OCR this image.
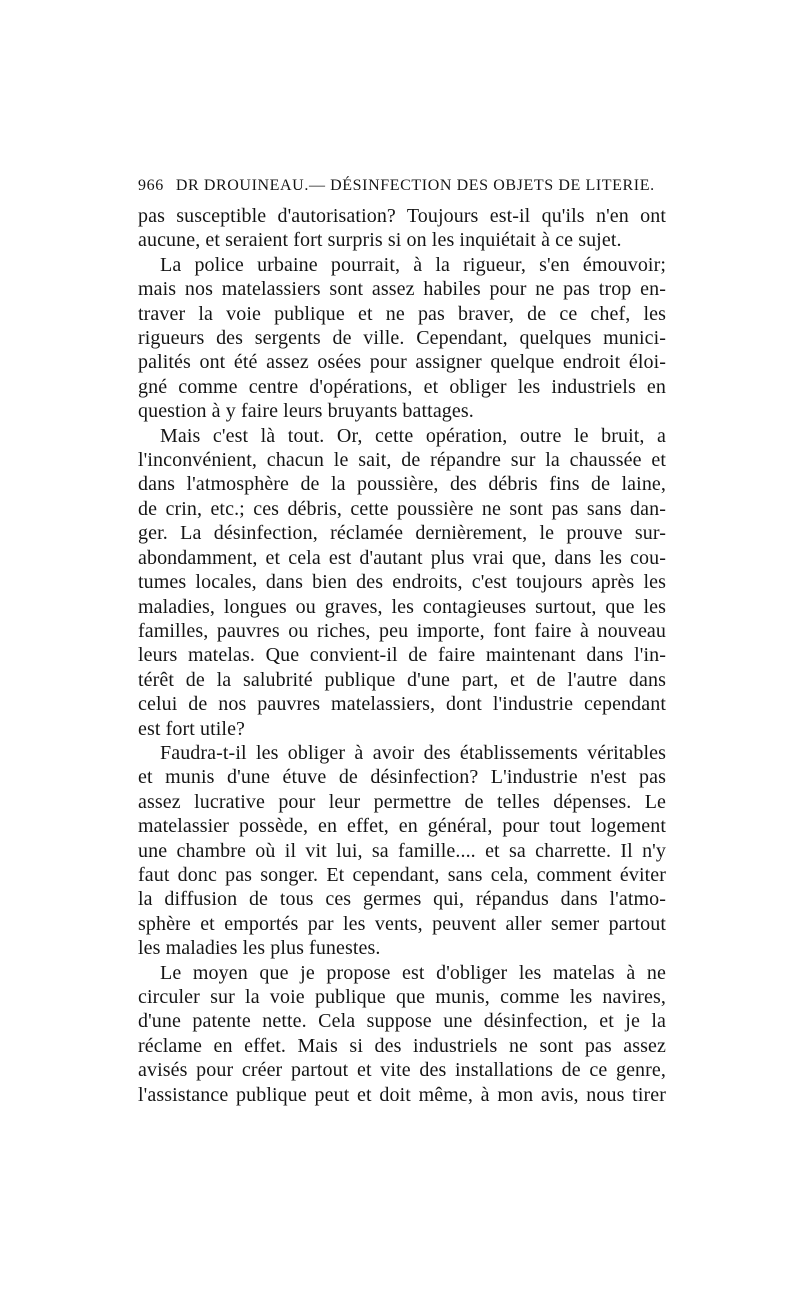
966 DR DROUINEAU.— DÉSINFECTION DES OBJETS DE LITERIE.
pas susceptible d'autorisation? Toujours est-il qu'ils n'en ont
aucune, et seraient fort surpris si on les inquiétait à ce sujet.
La police urbaine pourrait, à la rigueur, s'en émouvoir;
mais nos matelassiers sont assez habiles pour ne pas trop en-
traver la voie publique et ne pas braver, de ce chef, les
rigueurs des sergents de ville. Cependant, quelques munici-
palités ont été assez osées pour assigner quelque endroit éloi-
gné comme centre d'opérations, et obliger les industriels en
question à y faire leurs bruyants battages.
Mais c'est là tout. Or, cette opération, outre le bruit, a
l'inconvénient, chacun le sait, de répandre sur la chaussée et
dans l'atmosphère de la poussière, des débris fins de laine,
de crin, etc.; ces débris, cette poussière ne sont pas sans dan-
ger. La désinfection, réclamée dernièrement, le prouve sur-
abondamment, et cela est d'autant plus vrai que, dans les cou-
tumes locales, dans bien des endroits, c'est toujours après les
maladies, longues ou graves, les contagieuses surtout, que les
familles, pauvres ou riches, peu importe, font faire à nouveau
leurs matelas. Que convient-il de faire maintenant dans l'in-
térêt de la salubrité publique d'une part, et de l'autre dans
celui de nos pauvres matelassiers, dont l'industrie cependant
est fort utile?
Faudra-t-il les obliger à avoir des établissements véritables
et munis d'une étuve de désinfection? L'industrie n'est pas
assez lucrative pour leur permettre de telles dépenses. Le
matelassier possède, en effet, en général, pour tout logement
une chambre où il vit lui, sa famille.... et sa charrette. Il n'y
faut donc pas songer. Et cependant, sans cela, comment éviter
la diffusion de tous ces germes qui, répandus dans l'atmo-
sphère et emportés par les vents, peuvent aller semer partout
les maladies les plus funestes.
Le moyen que je propose est d'obliger les matelas à ne
circuler sur la voie publique que munis, comme les navires,
d'une patente nette. Cela suppose une désinfection, et je la
réclame en effet. Mais si des industriels ne sont pas assez
avisés pour créer partout et vite des installations de ce genre,
l'assistance publique peut et doit même, à mon avis, nous tirer
